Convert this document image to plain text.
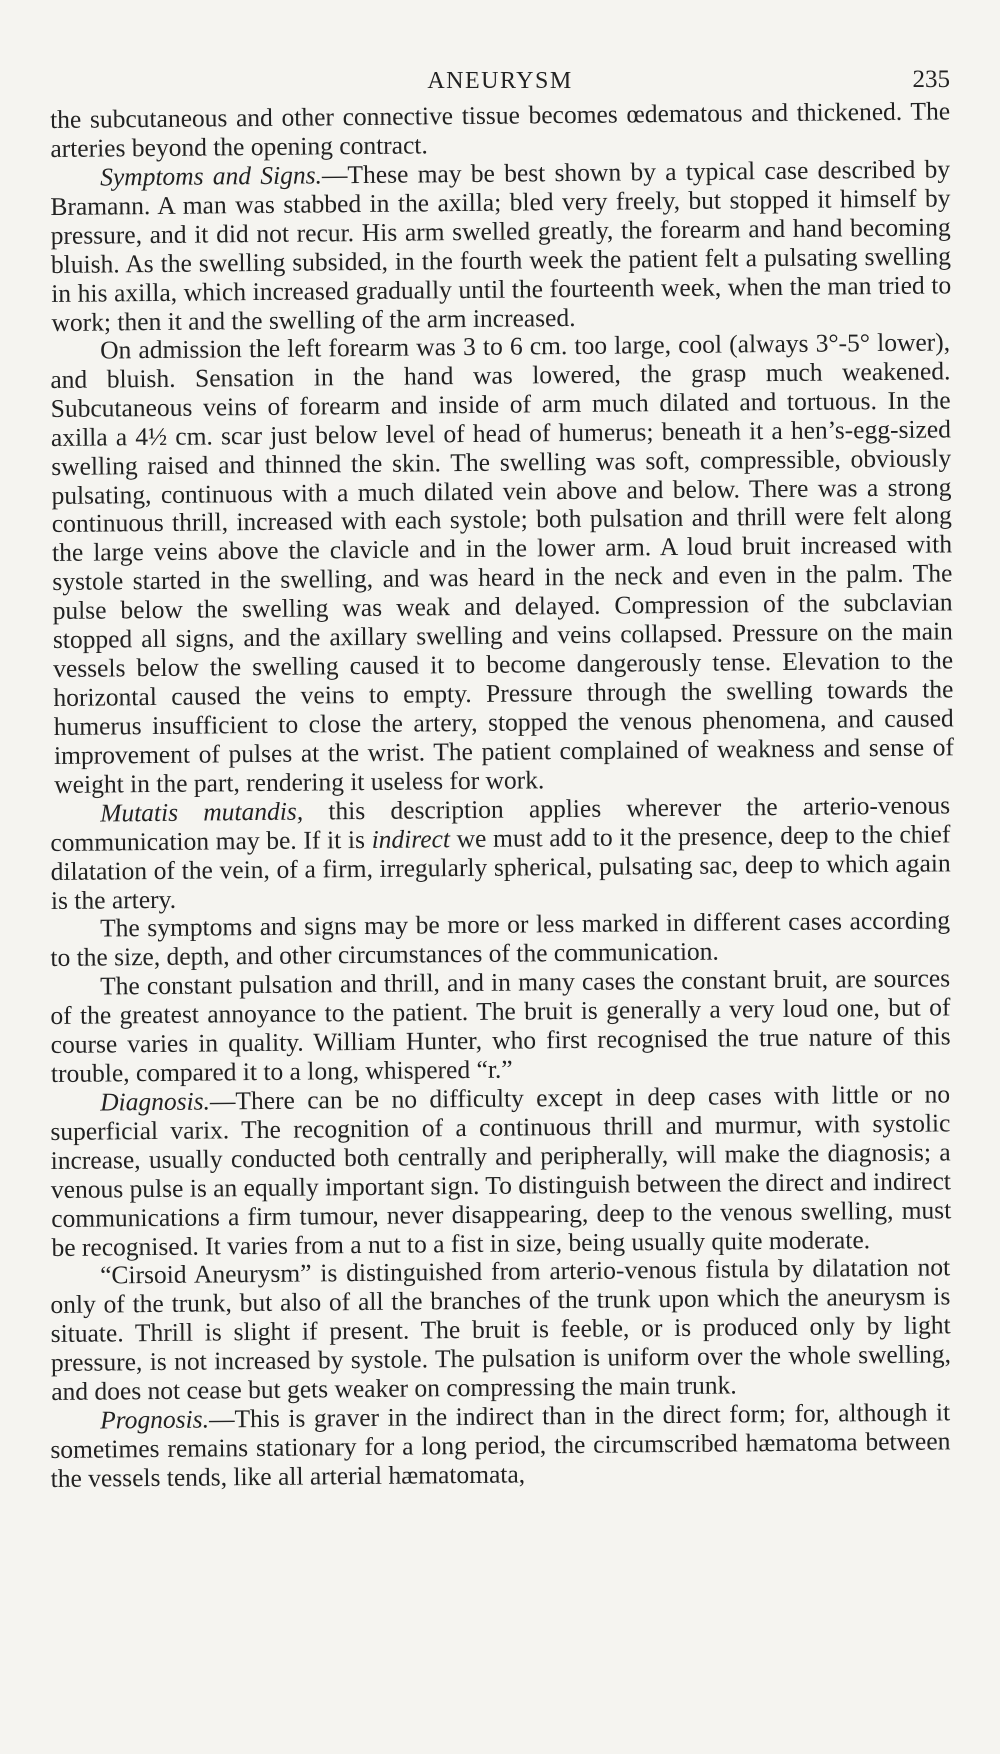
ANEURYSM	235

the subcutaneous and other connective tissue becomes œdematous and thickened. The arteries beyond the opening contract.

Symptoms and Signs.—These may be best shown by a typical case described by Bramann. A man was stabbed in the axilla; bled very freely, but stopped it himself by pressure, and it did not recur. His arm swelled greatly, the forearm and hand becoming bluish. As the swelling subsided, in the fourth week the patient felt a pulsating swelling in his axilla, which increased gradually until the fourteenth week, when the man tried to work; then it and the swelling of the arm increased.

On admission the left forearm was 3 to 6 cm. too large, cool (always 3°-5° lower), and bluish. Sensation in the hand was lowered, the grasp much weakened. Subcutaneous veins of forearm and inside of arm much dilated and tortuous. In the axilla a 4½ cm. scar just below level of head of humerus; beneath it a hen’s-egg-sized swelling raised and thinned the skin. The swelling was soft, compressible, obviously pulsating, continuous with a much dilated vein above and below. There was a strong continuous thrill, increased with each systole; both pulsation and thrill were felt along the large veins above the clavicle and in the lower arm. A loud bruit increased with systole started in the swelling, and was heard in the neck and even in the palm. The pulse below the swelling was weak and delayed. Compression of the subclavian stopped all signs, and the axillary swelling and veins collapsed. Pressure on the main vessels below the swelling caused it to become dangerously tense. Elevation to the horizontal caused the veins to empty. Pressure through the swelling towards the humerus insufficient to close the artery, stopped the venous phenomena, and caused improvement of pulses at the wrist. The patient complained of weakness and sense of weight in the part, rendering it useless for work.

Mutatis mutandis, this description applies wherever the arterio-venous communication may be. If it is indirect we must add to it the presence, deep to the chief dilatation of the vein, of a firm, irregularly spherical, pulsating sac, deep to which again is the artery.

The symptoms and signs may be more or less marked in different cases according to the size, depth, and other circumstances of the communication.

The constant pulsation and thrill, and in many cases the constant bruit, are sources of the greatest annoyance to the patient. The bruit is generally a very loud one, but of course varies in quality. William Hunter, who first recognised the true nature of this trouble, compared it to a long, whispered “r.”

Diagnosis.—There can be no difficulty except in deep cases with little or no superficial varix. The recognition of a continuous thrill and murmur, with systolic increase, usually conducted both centrally and peripherally, will make the diagnosis; a venous pulse is an equally important sign. To distinguish between the direct and indirect communications a firm tumour, never disappearing, deep to the venous swelling, must be recognised. It varies from a nut to a fist in size, being usually quite moderate.

“Cirsoid Aneurysm” is distinguished from arterio-venous fistula by dilatation not only of the trunk, but also of all the branches of the trunk upon which the aneurysm is situate. Thrill is slight if present. The bruit is feeble, or is produced only by light pressure, is not increased by systole. The pulsation is uniform over the whole swelling, and does not cease but gets weaker on compressing the main trunk.

Prognosis.—This is graver in the indirect than in the direct form; for, although it sometimes remains stationary for a long period, the circumscribed hæmatoma between the vessels tends, like all arterial hæmatomata,
